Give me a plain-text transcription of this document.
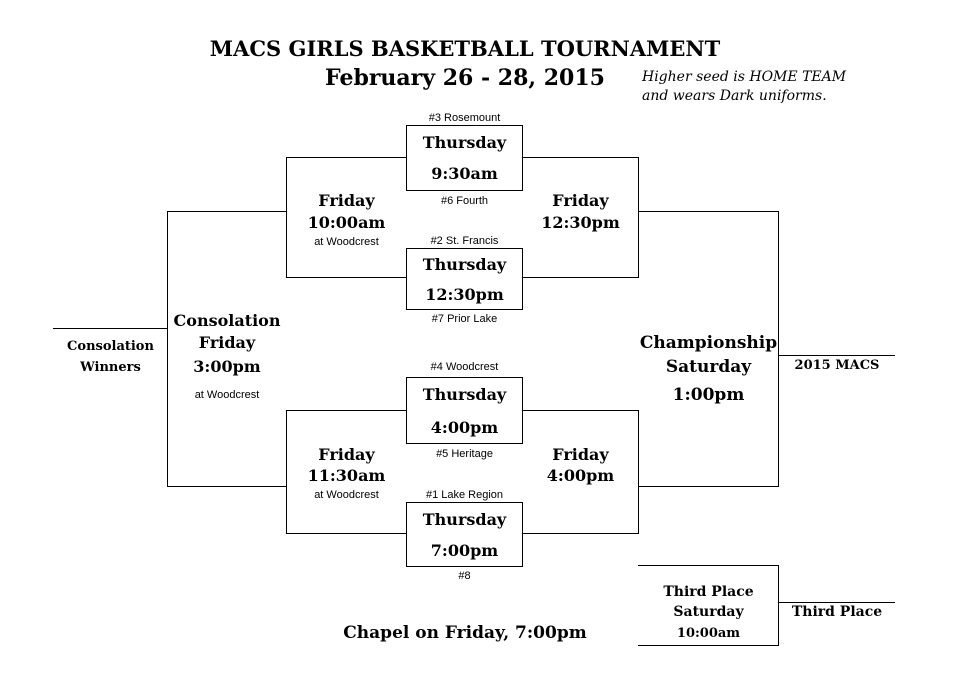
MACS GIRLS BASKETBALL TOURNAMENT
February 26 - 28, 2015	Higher seed is HOME TEAM
and wears Dark uniforms.
#3 Rosemount
Thursday
9:30am
#6 Fourth
#2 St. Francis
Thursday
12:30pm
#7 Prior Lake
#4 Woodcrest
Thursday
4:00pm
#5 Heritage
#1 Lake Region
Thursday
7:00pm
#8
Friday
10:00am
at Woodcrest
Friday
11:30am
at Woodcrest
Friday
12:30pm
Friday
4:00pm
Consolation
Friday
3:00pm
at Woodcrest
Consolation
Winners
Championship
Saturday
1:00pm
2015 MACS
Third Place
Saturday
10:00am
Third Place
Chapel on Friday, 7:00pm
